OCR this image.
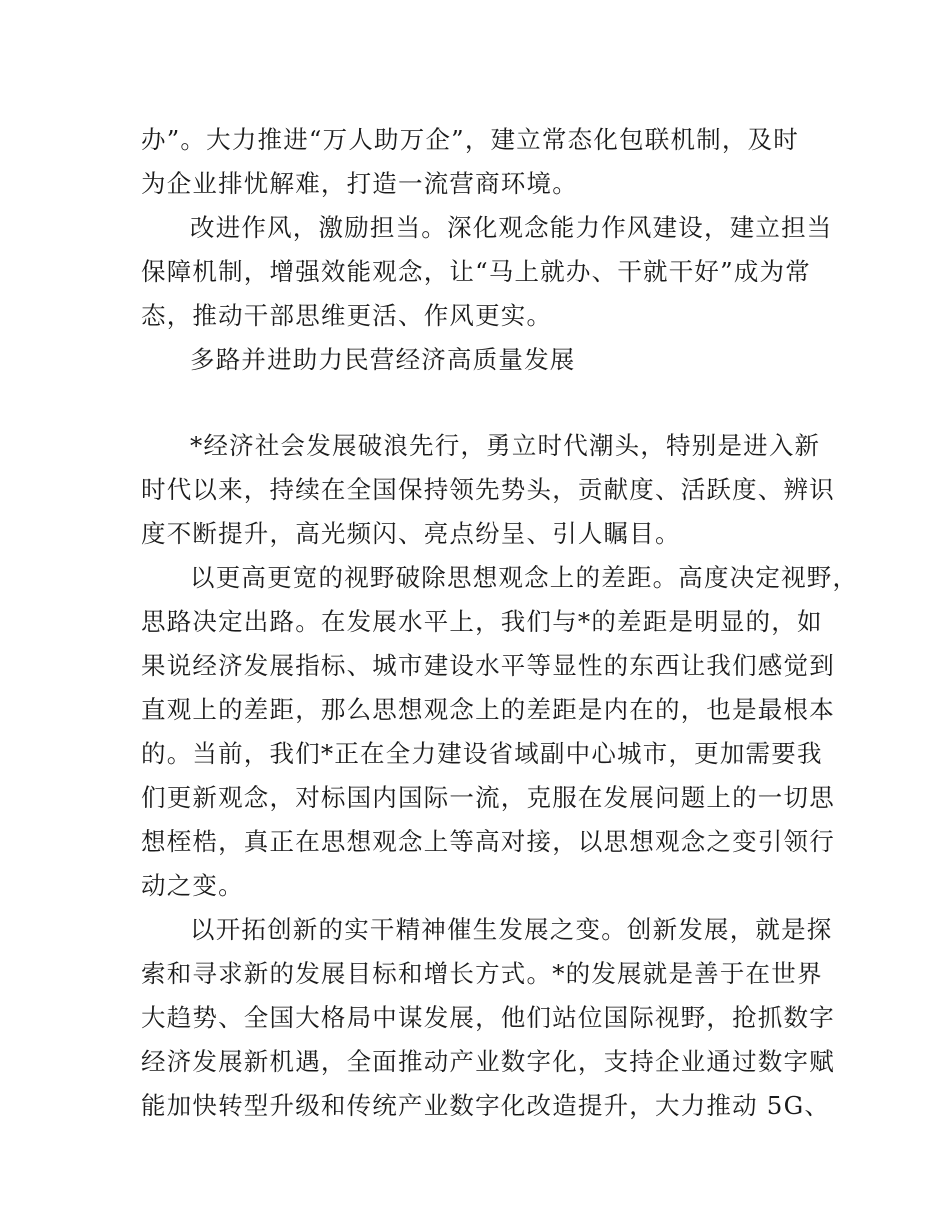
办”。大力推进“万人助万企”，建立常态化包联机制，及时
为企业排忧解难，打造一流营商环境。
改进作风，激励担当。深化观念能力作风建设，建立担当
保障机制，增强效能观念，让“马上就办、干就干好”成为常
态，推动干部思维更活、作风更实。
多路并进助力民营经济高质量发展
*经济社会发展破浪先行，勇立时代潮头，特别是进入新
时代以来，持续在全国保持领先势头，贡献度、活跃度、辨识
度不断提升，高光频闪、亮点纷呈、引人瞩目。
以更高更宽的视野破除思想观念上的差距。高度决定视野，
思路决定出路。在发展水平上，我们与*的差距是明显的，如
果说经济发展指标、城市建设水平等显性的东西让我们感觉到
直观上的差距，那么思想观念上的差距是内在的，也是最根本
的。当前，我们*正在全力建设省域副中心城市，更加需要我
们更新观念，对标国内国际一流，克服在发展问题上的一切思
想桎梏，真正在思想观念上等高对接，以思想观念之变引领行
动之变。
以开拓创新的实干精神催生发展之变。创新发展，就是探
索和寻求新的发展目标和增长方式。*的发展就是善于在世界
大趋势、全国大格局中谋发展，他们站位国际视野，抢抓数字
经济发展新机遇，全面推动产业数字化，支持企业通过数字赋
能加快转型升级和传统产业数字化改造提升，大力推动 5G、
